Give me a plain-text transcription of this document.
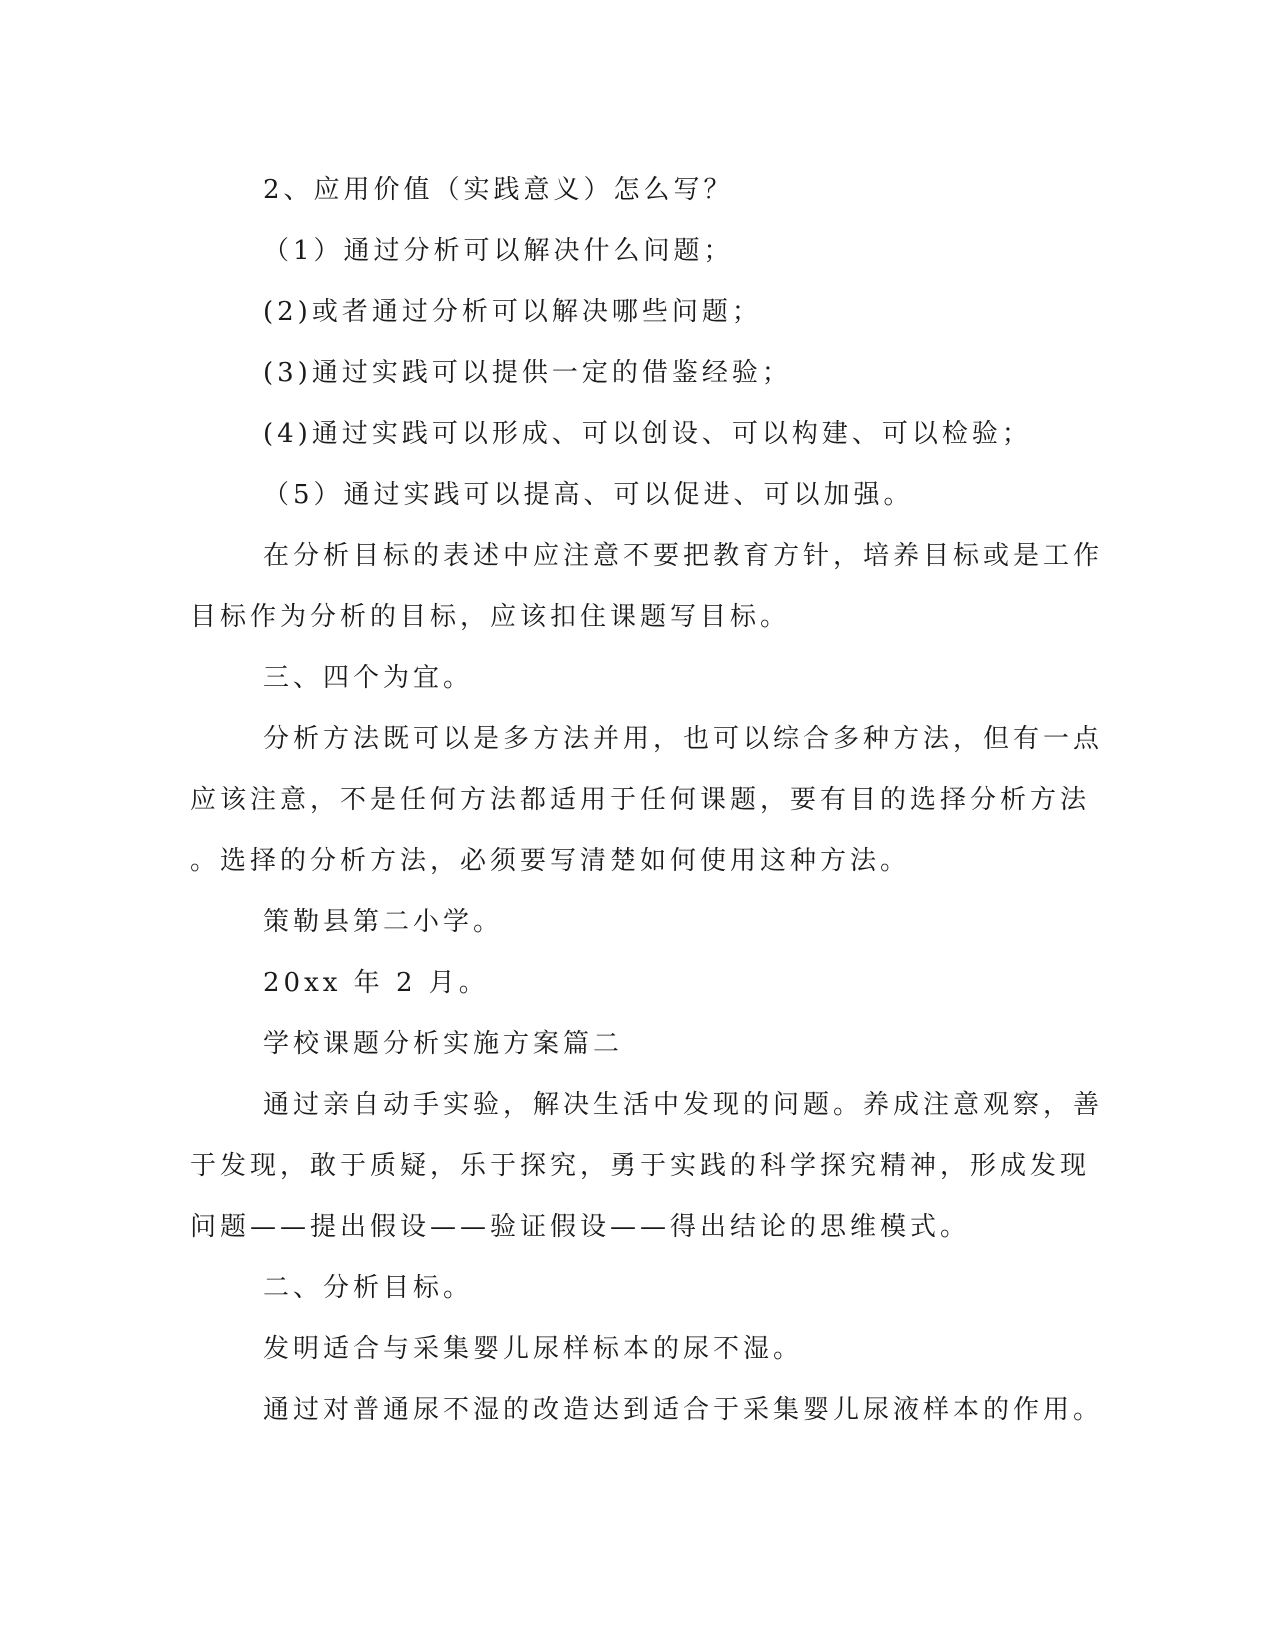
2、应用价值（实践意义）怎么写？
（1）通过分析可以解决什么问题；
(2)或者通过分析可以解决哪些问题；
(3)通过实践可以提供一定的借鉴经验；
(4)通过实践可以形成、可以创设、可以构建、可以检验；
（5）通过实践可以提高、可以促进、可以加强。
在分析目标的表述中应注意不要把教育方针，培养目标或是工作
目标作为分析的目标，应该扣住课题写目标。
三、四个为宜。
分析方法既可以是多方法并用，也可以综合多种方法，但有一点
应该注意，不是任何方法都适用于任何课题，要有目的选择分析方法
。选择的分析方法，必须要写清楚如何使用这种方法。
策勒县第二小学。
20xx 年 2 月。
学校课题分析实施方案篇二
通过亲自动手实验，解决生活中发现的问题。养成注意观察，善
于发现，敢于质疑，乐于探究，勇于实践的科学探究精神，形成发现
问题——提出假设——验证假设——得出结论的思维模式。
二、分析目标。
发明适合与采集婴儿尿样标本的尿不湿。
通过对普通尿不湿的改造达到适合于采集婴儿尿液样本的作用。
